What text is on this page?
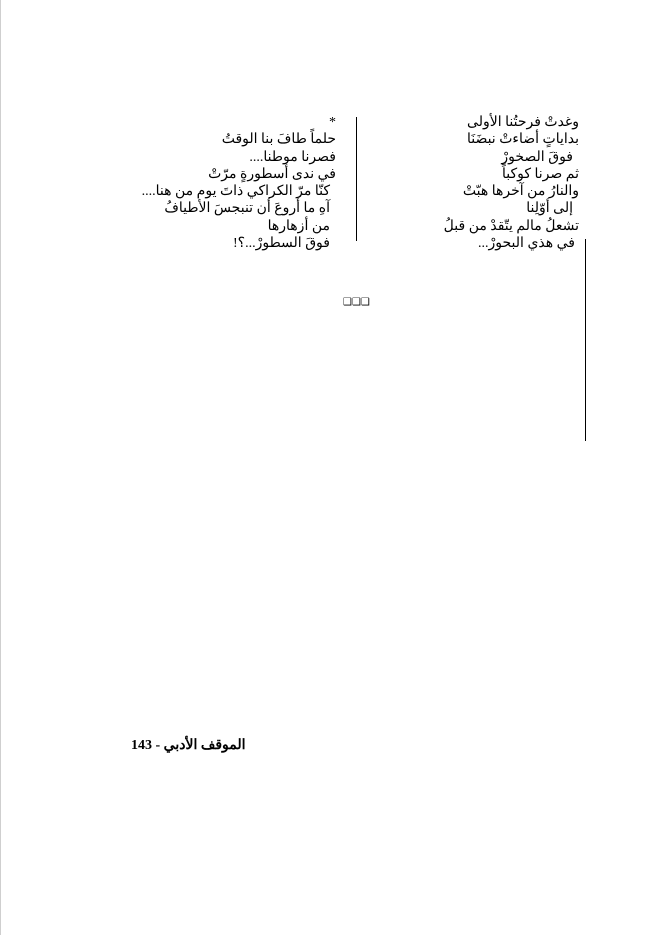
وغدتْ فرحتُنا الأولى
بداياتٍ أضاءتْ نبضَنَا
فوقَ الصخورْ
ثم صرنا كوكباً
والنارُ من آخرها هبّتْ
إلى أوّلِنا
تشعلُ مالم يتّقدْ من قبلُ
في هذي البحورْ...
*
حلماً طافَ بنا الوقتُ
فصرنا موطنا....
في ندى أسطورةٍ مرّتْ
كنّا مرّ الكراكي ذاتَ يوم من هنا....
آهِ ما أروعَ أن تنبجسَ الأطيافُ
من أزهارها
فوقَ السطورْ...؟!
❑❑❑
الموقف الأدبي - 143
